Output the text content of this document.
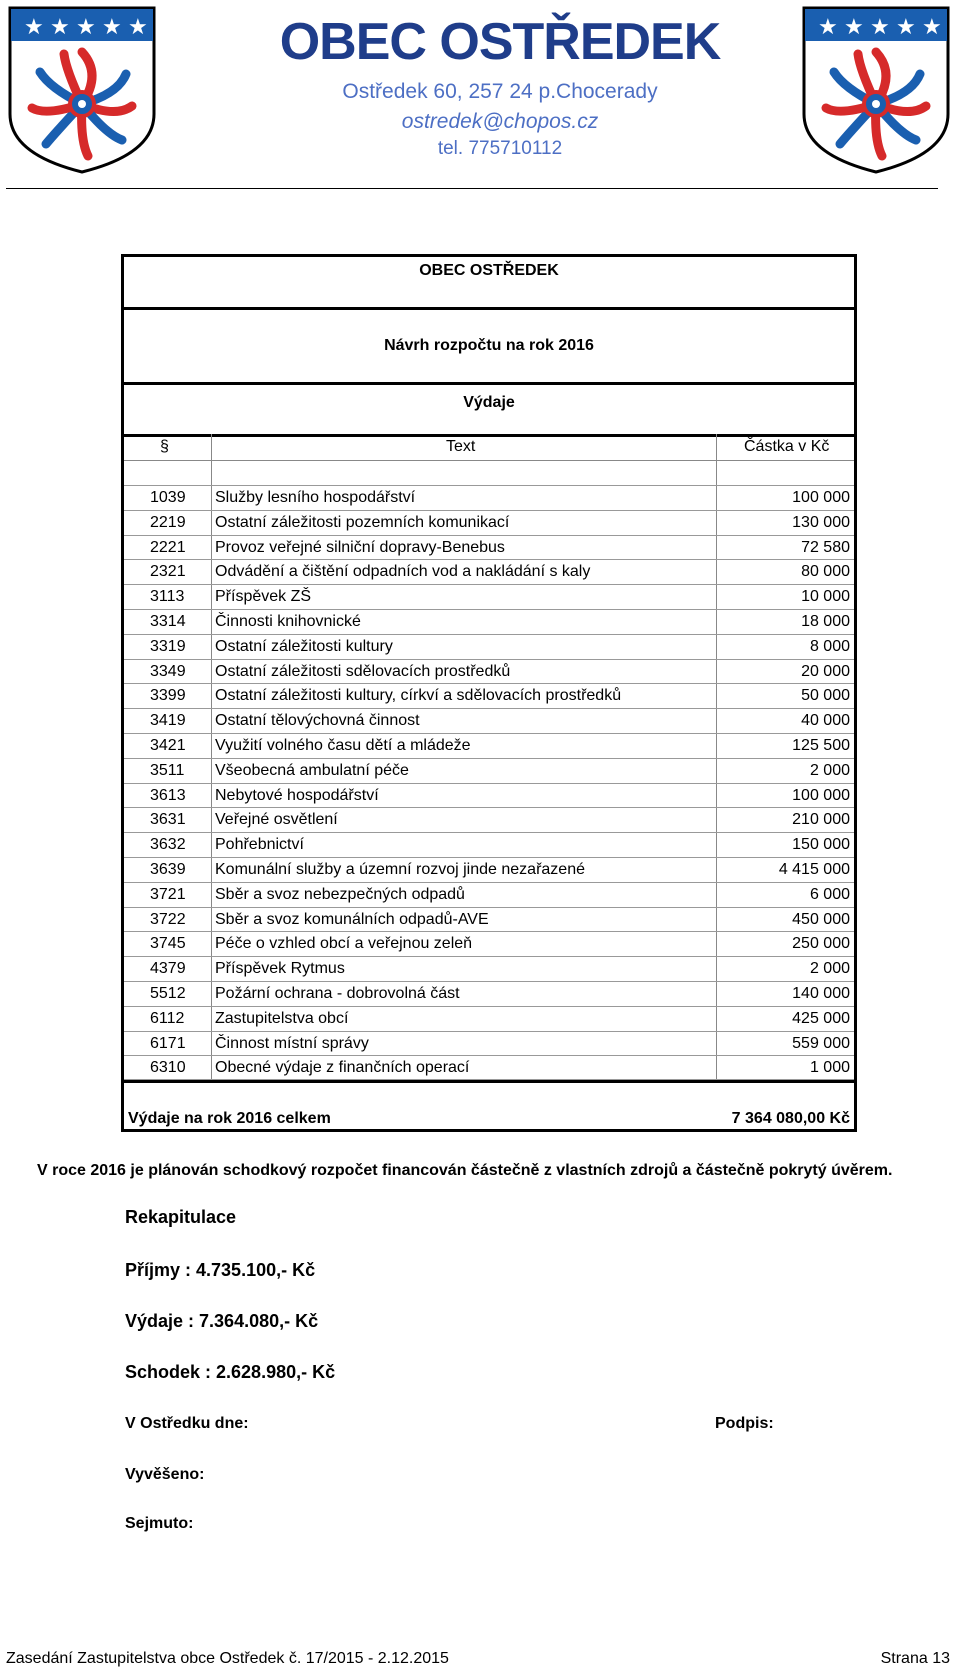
★ ★ ★ ★ ★	OBEC OSTŘEDEK
Ostředek 60, 257 24 p.Chocerady
ostredek@chopos.cz
tel. 775710112
★ ★ ★ ★ ★
OBEC OSTŘEDEK
Návrh rozpočtu na rok 2016
Výdaje
§	Text	Částka v Kč
1039 Služby lesního hospodářství	100 000
2219 Ostatní záležitosti pozemních komunikací	130 000
2221 Provoz veřejné silniční dopravy-Benebus	72 580
2321 Odvádění a čištění odpadních vod a nakládání s kaly	80 000
3113 Příspěvek ZŠ	10 000
3314 Činnosti knihovnické	18 000
3319 Ostatní záležitosti kultury	8 000
3349 Ostatní záležitosti sdělovacích prostředků	20 000
3399 Ostatní záležitosti kultury, církví a sdělovacích prostředků	50 000
3419 Ostatní tělovýchovná činnost	40 000
3421 Využití volného času dětí a mládeže	125 500
3511 Všeobecná ambulatní péče	2 000
3613 Nebytové hospodářství	100 000
3631 Veřejné osvětlení	210 000
3632 Pohřebnictví	150 000
3639 Komunální služby a územní rozvoj jinde nezařazené	4 415 000
3721 Sběr a svoz nebezpečných odpadů	6 000
3722 Sběr a svoz komunálních odpadů-AVE	450 000
3745 Péče o vzhled obcí a veřejnou zeleň	250 000
4379 Příspěvek Rytmus	2 000
5512 Požární ochrana - dobrovolná část	140 000
6112 Zastupitelstva obcí	425 000
6171 Činnost místní správy	559 000
6310 Obecné výdaje z finančních operací	1 000
Výdaje na rok 2016 celkem	7 364 080,00 Kč
V roce 2016 je plánován schodkový rozpočet financován částečně z vlastních zdrojů a částečně pokrytý úvěrem.
Rekapitulace
Příjmy : 4.735.100,- Kč
Výdaje : 7.364.080,- Kč
Schodek : 2.628.980,- Kč
V Ostředku dne:	Podpis:
Vyvěšeno:
Sejmuto:
Zasedání Zastupitelstva obce Ostředek č. 17/2015 - 2.12.2015	Strana 13
